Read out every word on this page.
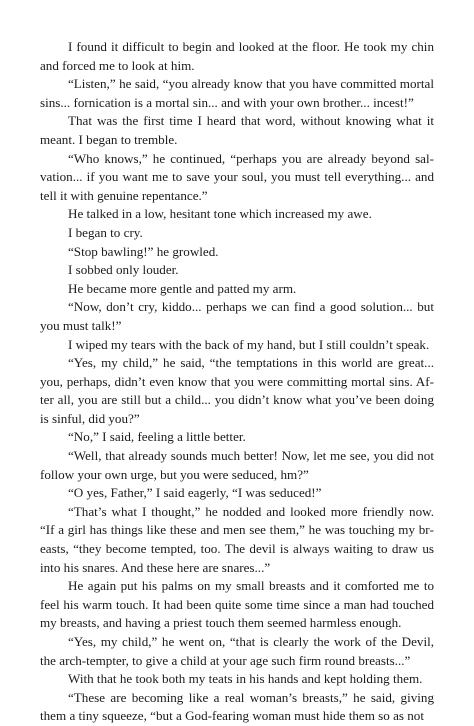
I found it difficult to begin and looked at the floor. He took my chin and forced me to look at him.

“Listen,” he said, “you already know that you have committed mortal sins... fornication is a mortal sin... and with your own brother... incest!”

That was the first time I heard that word, without knowing what it meant. I began to tremble.

“Who knows,” he continued, “perhaps you are already beyond salvation... if you want me to save your soul, you must tell everything... and tell it with genuine repentance.”

He talked in a low, hesitant tone which increased my awe.

I began to cry.

“Stop bawling!” he growled.

I sobbed only louder.

He became more gentle and patted my arm.

“Now, don’t cry, kiddo... perhaps we can find a good solution... but you must talk!”

I wiped my tears with the back of my hand, but I still couldn’t speak.

“Yes, my child,” he said, “the temptations in this world are great... you, perhaps, didn’t even know that you were committing mortal sins. After all, you are still but a child... you didn’t know what you’ve been doing is sinful, did you?”

“No,” I said, feeling a little better.

“Well, that already sounds much better! Now, let me see, you did not follow your own urge, but you were seduced, hm?”

“O yes, Father,” I said eagerly, “I was seduced!”

“That’s what I thought,” he nodded and looked more friendly now. “If a girl has things like these and men see them,” he was touching my breasts, “they become tempted, too. The devil is always waiting to draw us into his snares. And these here are snares...”

He again put his palms on my small breasts and it comforted me to feel his warm touch. It had been quite some time since a man had touched my breasts, and having a priest touch them seemed harmless enough.

“Yes, my child,” he went on, “that is clearly the work of the Devil, the arch-tempter, to give a child at your age such firm round breasts...”

With that he took both my teats in his hands and kept holding them.

“These are becoming like a real woman’s breasts,” he said, giving them a tiny squeeze, “but a God-fearing woman must hide them so as not
